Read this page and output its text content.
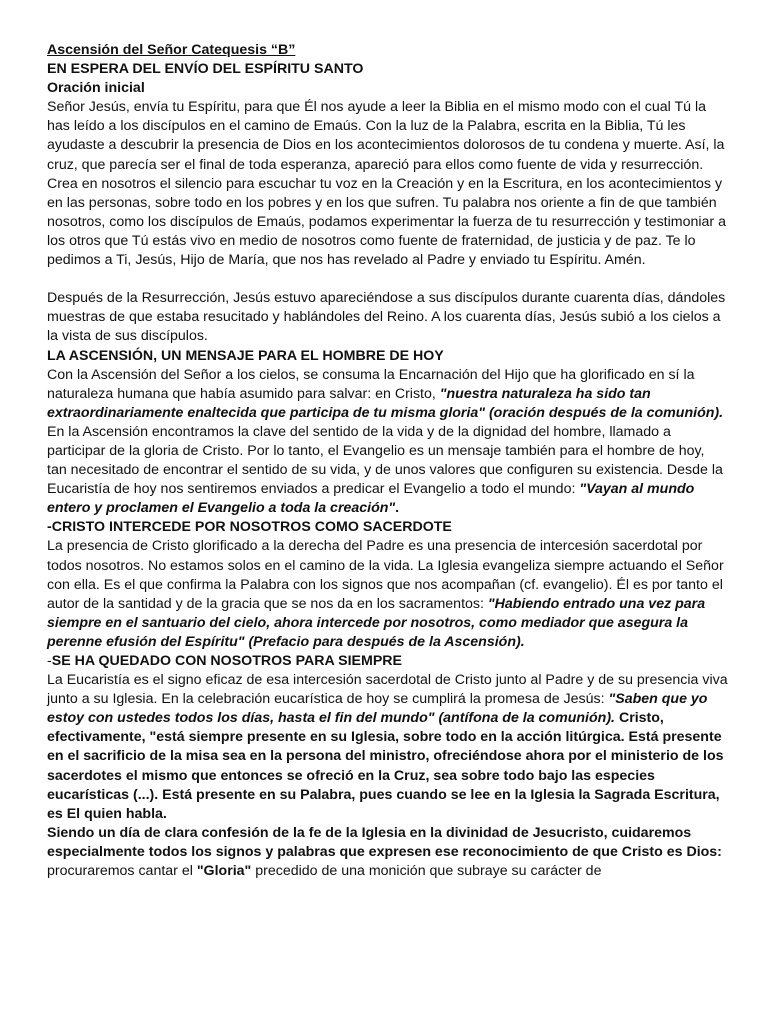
Ascensión del Señor Catequesis “B”

EN ESPERA DEL ENVÍO DEL ESPÍRITU SANTO

Oración inicial

Señor Jesús, envía tu Espíritu, para que Él nos ayude a leer la Biblia en el mismo modo con el cual Tú la has leído a los discípulos en el camino de Emaús. Con la luz de la Palabra, escrita en la Biblia, Tú les ayudaste a descubrir la presencia de Dios en los acontecimientos dolorosos de tu condena y muerte. Así, la cruz, que parecía ser el final de toda esperanza, apareció para ellos como fuente de vida y resurrección.

Crea en nosotros el silencio para escuchar tu voz en la Creación y en la Escritura, en los acontecimientos y en las personas, sobre todo en los pobres y en los que sufren. Tu palabra nos oriente a fin de que también nosotros, como los discípulos de Emaús, podamos experimentar la fuerza de tu resurrección y testimoniar a los otros que Tú estás vivo en medio de nosotros como fuente de fraternidad, de justicia y de paz. Te lo pedimos a Ti, Jesús, Hijo de María, que nos has revelado al Padre y enviado tu Espíritu. Amén.

Después de la Resurrección, Jesús estuvo apareciéndose a sus discípulos durante cuarenta días, dándoles muestras de que estaba resucitado y hablándoles del Reino. A los cuarenta días, Jesús subió a los cielos a la vista de sus discípulos.

LA ASCENSIÓN, UN MENSAJE PARA EL HOMBRE DE HOY

Con la Ascensión del Señor a los cielos, se consuma la Encarnación del Hijo que ha glorificado en sí la naturaleza humana que había asumido para salvar: en Cristo, "nuestra naturaleza ha sido tan extraordinariamente enaltecida que participa de tu misma gloria" (oración después de la comunión). En la Ascensión encontramos la clave del sentido de la vida y de la dignidad del hombre, llamado a participar de la gloria de Cristo. Por lo tanto, el Evangelio es un mensaje también para el hombre de hoy, tan necesitado de encontrar el sentido de su vida, y de unos valores que configuren su existencia. Desde la Eucaristía de hoy nos sentiremos enviados a predicar el Evangelio a todo el mundo: "Vayan al mundo entero y proclamen el Evangelio a toda la creación".

-CRISTO INTERCEDE POR NOSOTROS COMO SACERDOTE

La presencia de Cristo glorificado a la derecha del Padre es una presencia de intercesión sacerdotal por todos nosotros. No estamos solos en el camino de la vida. La Iglesia evangeliza siempre actuando el Señor con ella. Es el que confirma la Palabra con los signos que nos acompañan (cf. evangelio). Él es por tanto el autor de la santidad y de la gracia que se nos da en los sacramentos: "Habiendo entrado una vez para siempre en el santuario del cielo, ahora intercede por nosotros, como mediador que asegura la perenne efusión del Espíritu" (Prefacio para después de la Ascensión).

-SE HA QUEDADO CON NOSOTROS PARA SIEMPRE

La Eucaristía es el signo eficaz de esa intercesión sacerdotal de Cristo junto al Padre y de su presencia viva junto a su Iglesia. En la celebración eucarística de hoy se cumplirá la promesa de Jesús: "Saben que yo estoy con ustedes todos los días, hasta el fin del mundo" (antífona de la comunión). Cristo, efectivamente, "está siempre presente en su Iglesia, sobre todo en la acción litúrgica. Está presente en el sacrificio de la misa sea en la persona del ministro, ofreciéndose ahora por el ministerio de los sacerdotes el mismo que entonces se ofreció en la Cruz, sea sobre todo bajo las especies eucarísticas (...). Está presente en su Palabra, pues cuando se lee en la Iglesia la Sagrada Escritura, es El quien habla.

Siendo un día de clara confesión de la fe de la Iglesia en la divinidad de Jesucristo, cuidaremos especialmente todos los signos y palabras que expresen ese reconocimiento de que Cristo es Dios: procuraremos cantar el "Gloria" precedido de una monición que subraye su carácter de
